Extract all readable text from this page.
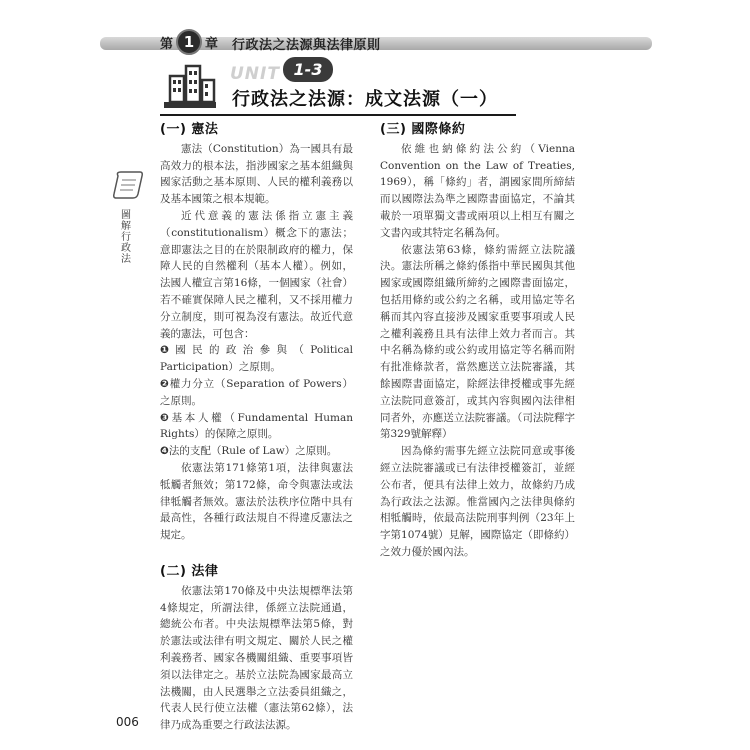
第 1 章 行政法之法源與法律原則
UNIT 1-3
行政法之法源：成文法源（一）
圖解行政法
(一) 憲法
憲法（Constitution）為一國具有最高效力的根本法，指涉國家之基本組織與國家活動之基本原則、人民的權利義務以及基本國策之根本規範。
近代意義的憲法係指立憲主義（constitutionalism）概念下的憲法；意即憲法之目的在於限制政府的權力，保障人民的自然權利（基本人權）。例如，法國人權宣言第16條，一個國家（社會）若不確實保障人民之權利，又不採用權力分立制度，則可視為沒有憲法。故近代意義的憲法，可包含：
❶國民的政治參與（Political Participation）之原則。
❷權力分立（Separation of Powers）之原則。
❸基本人權（Fundamental Human Rights）的保障之原則。
❹法的支配（Rule of Law）之原則。
依憲法第171條第1項，法律與憲法牴觸者無效；第172條，命令與憲法或法律牴觸者無效。憲法於法秩序位階中具有最高性，各種行政法規自不得違反憲法之規定。
(二) 法律
依憲法第170條及中央法規標準法第4條規定，所謂法律，係經立法院通過，總統公布者。中央法規標準法第5條，對於憲法或法律有明文規定、關於人民之權利義務者、國家各機關組織、重要事項皆須以法律定之。基於立法院為國家最高立法機關，由人民選舉之立法委員組織之，代表人民行使立法權（憲法第62條），法律乃成為重要之行政法法源。
(三) 國際條約
依維也納條約法公約（Vienna Convention on the Law of Treaties, 1969），稱「條約」者，謂國家間所締結而以國際法為準之國際書面協定，不論其載於一項單獨文書或兩項以上相互有關之文書內或其特定名稱為何。
依憲法第63條，條約需經立法院議決。憲法所稱之條約係指中華民國與其他國家或國際組織所締約之國際書面協定，包括用條約或公約之名稱，或用協定等名稱而其內容直接涉及國家重要事項或人民之權利義務且具有法律上效力者而言。其中名稱為條約或公約或用協定等名稱而附有批准條款者，當然應送立法院審議，其餘國際書面協定，除經法律授權或事先經立法院同意簽訂，或其內容與國內法律相同者外，亦應送立法院審議。（司法院釋字第329號解釋）
因為條約需事先經立法院同意或事後經立法院審議或已有法律授權簽訂，並經公布者，便具有法律上效力，故條約乃成為行政法之法源。惟當國內之法律與條約相牴觸時，依最高法院刑事判例（23年上字第1074號）見解，國際協定（即條約）之效力優於國內法。
006
